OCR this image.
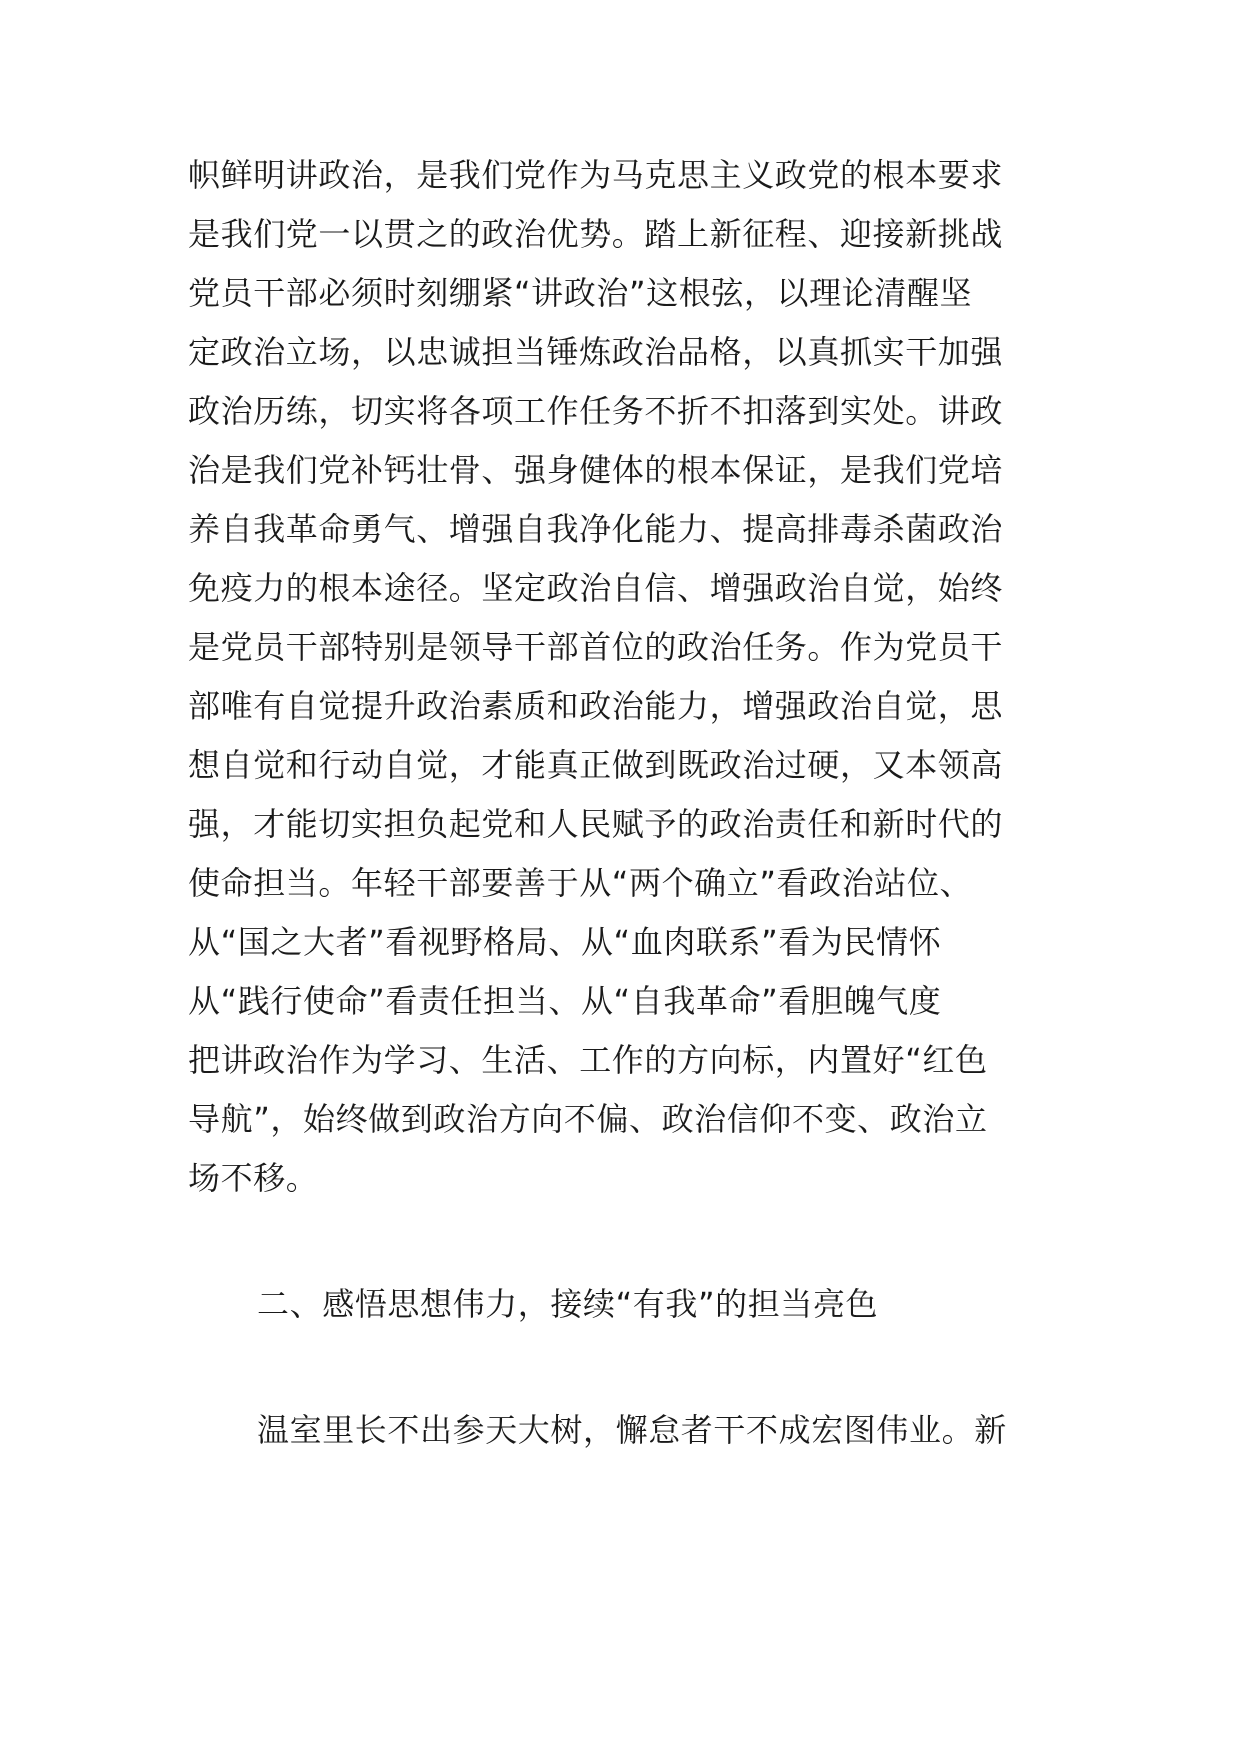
帜鲜明讲政治，是我们党作为马克思主义政党的根本要求
是我们党一以贯之的政治优势。踏上新征程、迎接新挑战
党员干部必须时刻绷紧“讲政治”这根弦，以理论清醒坚
定政治立场，以忠诚担当锤炼政治品格，以真抓实干加强
政治历练，切实将各项工作任务不折不扣落到实处。讲政
治是我们党补钙壮骨、强身健体的根本保证，是我们党培
养自我革命勇气、增强自我净化能力、提高排毒杀菌政治
免疫力的根本途径。坚定政治自信、增强政治自觉，始终
是党员干部特别是领导干部首位的政治任务。作为党员干
部唯有自觉提升政治素质和政治能力，增强政治自觉，思
想自觉和行动自觉，才能真正做到既政治过硬，又本领高
强，才能切实担负起党和人民赋予的政治责任和新时代的
使命担当。年轻干部要善于从“两个确立”看政治站位、
从“国之大者”看视野格局、从“血肉联系”看为民情怀
从“践行使命”看责任担当、从“自我革命”看胆魄气度
把讲政治作为学习、生活、工作的方向标，内置好“红色
导航”，始终做到政治方向不偏、政治信仰不变、政治立
场不移。
二、感悟思想伟力，接续“有我”的担当亮色
温室里长不出参天大树，懈怠者干不成宏图伟业。新
